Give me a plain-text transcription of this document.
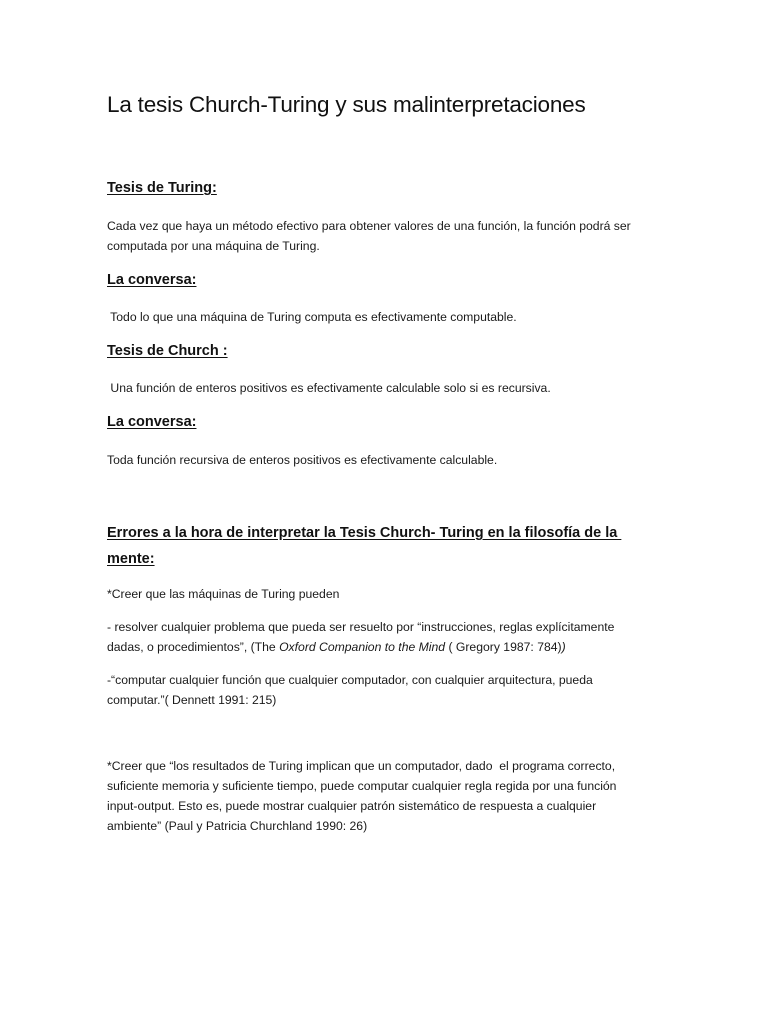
La tesis Church-Turing y sus malinterpretaciones
Tesis de Turing:
Cada vez que haya un método efectivo para obtener valores de una función, la función podrá ser
computada por una máquina de Turing.
La conversa:
Todo lo que una máquina de Turing computa es efectivamente computable.
Tesis de Church :
Una función de enteros positivos es efectivamente calculable solo si es recursiva.
La conversa:
Toda función recursiva de enteros positivos es efectivamente calculable.
Errores a la hora de interpretar la Tesis Church- Turing en la filosofía de la
mente:
*Creer que las máquinas de Turing pueden
- resolver cualquier problema que pueda ser resuelto por “instrucciones, reglas explícitamente
dadas, o procedimientos”, (The Oxford Companion to the Mind ( Gregory 1987: 784))
-“computar cualquier función que cualquier computador, con cualquier arquitectura, pueda
computar.”( Dennett 1991: 215)
*Creer que “los resultados de Turing implican que un computador, dado  el programa correcto,
suficiente memoria y suficiente tiempo, puede computar cualquier regla regida por una función
input-output. Esto es, puede mostrar cualquier patrón sistemático de respuesta a cualquier
ambiente” (Paul y Patricia Churchland 1990: 26)
